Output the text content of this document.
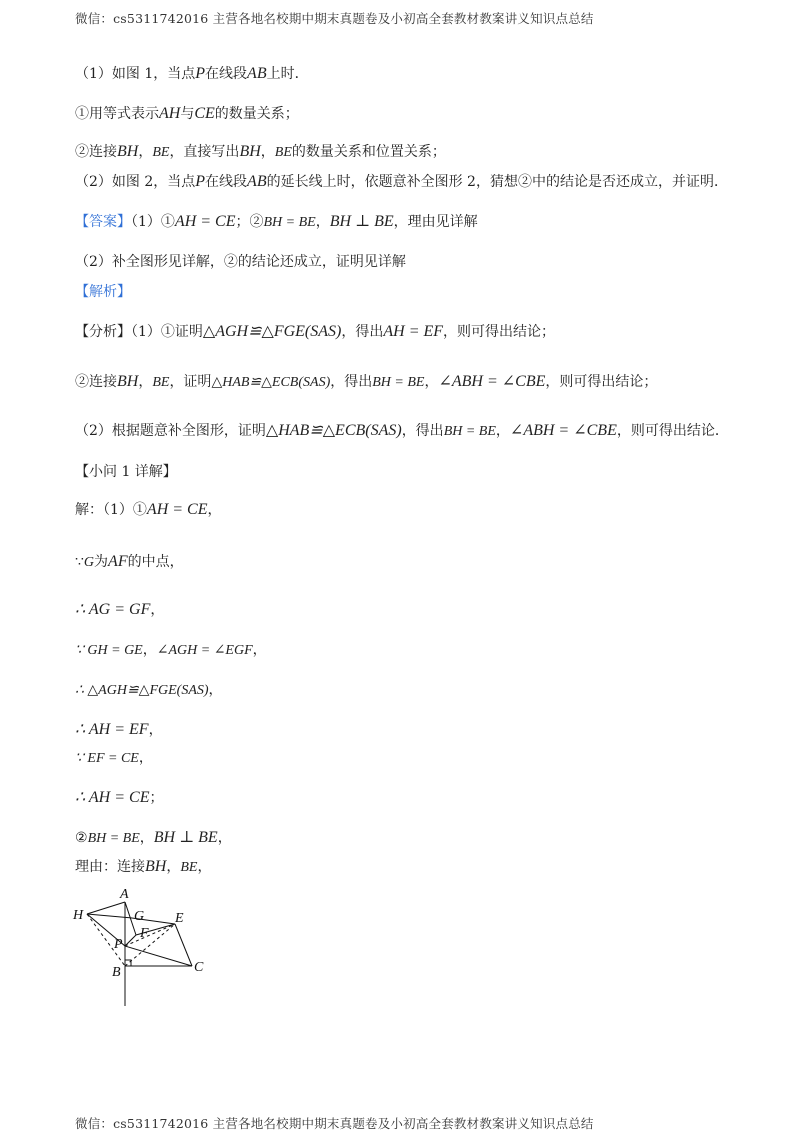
微信：cs5311742016 主营各地名校期中期末真题卷及小初高全套教材教案讲义知识点总结
（1）如图 1，当点P在线段AB上时．
①用等式表示AH与CE的数量关系；
②连接BH，BE，直接写出BH，BE的数量关系和位置关系；
（2）如图 2，当点P在线段AB的延长线上时，依题意补全图形 2，猜想②中的结论是否还成立，并证明．
【答案】（1）①AH = CE；②BH = BE，BH ⊥ BE，理由见详解
（2）补全图形见详解，②的结论还成立，证明见详解
【解析】
【分析】（1）①证明△AGH≌△FGE(SAS)，得出AH = EF，则可得出结论；
②连接BH，BE，证明△HAB≌△ECB(SAS)，得出BH = BE，∠ABH = ∠CBE，则可得出结论；
（2）根据题意补全图形，证明△HAB≌△ECB(SAS)，得出BH = BE，∠ABH = ∠CBE，则可得出结论．
【小问 1 详解】
解：（1）①AH = CE，
∵G为AF的中点，
∴ AG = GF，
∵ GH = GE，∠AGH = ∠EGF，
∴ △AGH≌△FGE(SAS)，
∴ AH = EF，
∵ EF = CE，
∴ AH = CE；
②BH = BE，BH ⊥ BE，
理由：连接BH，BE，
A
H	G E
F
P
B	C
微信：cs5311742016 主营各地名校期中期末真题卷及小初高全套教材教案讲义知识点总结
